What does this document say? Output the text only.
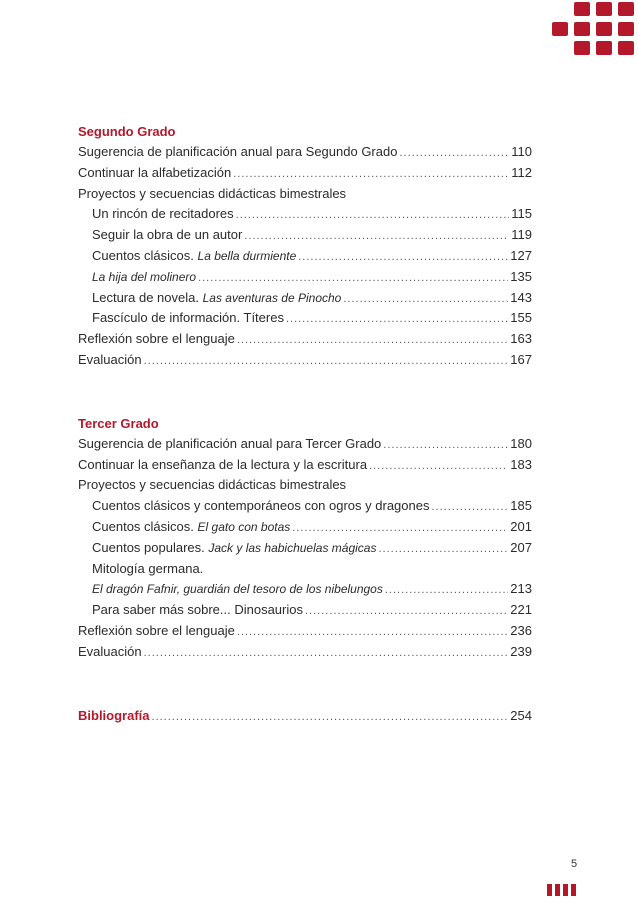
Segundo Grado
Sugerencia de planificación anual para Segundo Grado .....	110
Continuar la alfabetización .....	112
Proyectos y secuencias didácticas bimestrales
Un rincón de recitadores .....	115
Seguir la obra de un autor .....	119
Cuentos clásicos. La bella durmiente .....	127
La hija del molinero .....	135
Lectura de novela. Las aventuras de Pinocho .....	143
Fascículo de información. Títeres .....	155
Reflexión sobre el lenguaje .....	163
Evaluación .....	167
Tercer Grado
Sugerencia de planificación anual para Tercer Grado .....	180
Continuar la enseñanza de la lectura y la escritura .....	183
Proyectos y secuencias didácticas bimestrales
Cuentos clásicos y contemporáneos con ogros y dragones .....	185
Cuentos clásicos. El gato con botas .....	201
Cuentos populares. Jack y las habichuelas mágicas .....	207
Mitología germana.
El dragón Fafnir, guardián del tesoro de los nibelungos .....	213
Para saber más sobre... Dinosaurios .....	221
Reflexión sobre el lenguaje .....	236
Evaluación .....	239
Bibliografía .....	254
5
